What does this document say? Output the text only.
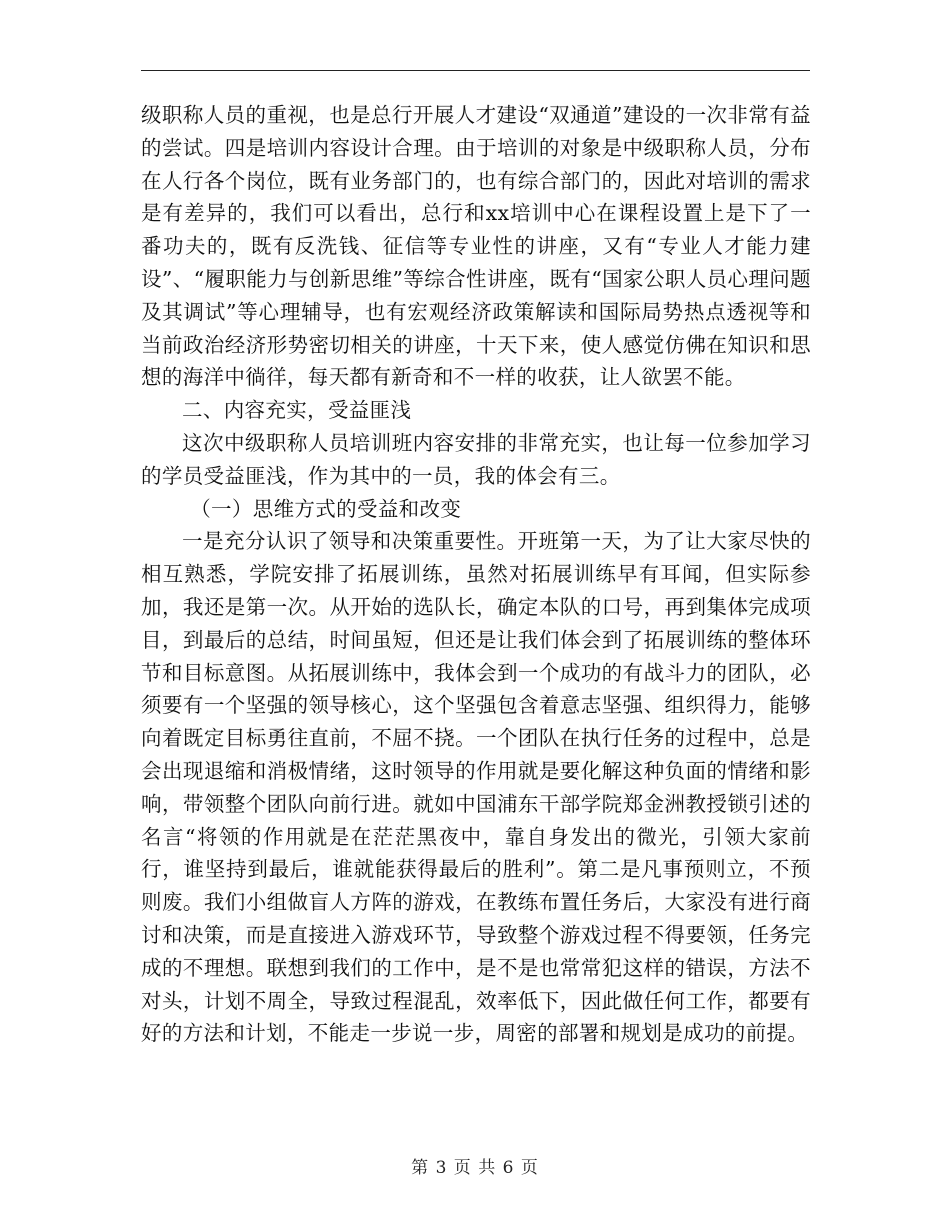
级职称人员的重视，也是总行开展人才建设“双通道”建设的一次非常有益的尝试。四是培训内容设计合理。由于培训的对象是中级职称人员，分布在人行各个岗位，既有业务部门的，也有综合部门的，因此对培训的需求是有差异的，我们可以看出，总行和xx培训中心在课程设置上是下了一番功夫的，既有反洗钱、征信等专业性的讲座，又有“专业人才能力建设”、“履职能力与创新思维”等综合性讲座，既有“国家公职人员心理问题及其调试”等心理辅导，也有宏观经济政策解读和国际局势热点透视等和当前政治经济形势密切相关的讲座，十天下来，使人感觉仿佛在知识和思想的海洋中徜徉，每天都有新奇和不一样的收获，让人欲罢不能。

二、内容充实，受益匪浅

这次中级职称人员培训班内容安排的非常充实，也让每一位参加学习的学员受益匪浅，作为其中的一员，我的体会有三。

（一）思维方式的受益和改变

一是充分认识了领导和决策重要性。开班第一天，为了让大家尽快的相互熟悉，学院安排了拓展训练，虽然对拓展训练早有耳闻，但实际参加，我还是第一次。从开始的选队长，确定本队的口号，再到集体完成项目，到最后的总结，时间虽短，但还是让我们体会到了拓展训练的整体环节和目标意图。从拓展训练中，我体会到一个成功的有战斗力的团队，必须要有一个坚强的领导核心，这个坚强包含着意志坚强、组织得力，能够向着既定目标勇往直前，不屈不挠。一个团队在执行任务的过程中，总是会出现退缩和消极情绪，这时领导的作用就是要化解这种负面的情绪和影响，带领整个团队向前行进。就如中国浦东干部学院郑金洲教授锁引述的名言“将领的作用就是在茫茫黑夜中，靠自身发出的微光，引领大家前行，谁坚持到最后，谁就能获得最后的胜利”。第二是凡事预则立，不预则废。我们小组做盲人方阵的游戏，在教练布置任务后，大家没有进行商讨和决策，而是直接进入游戏环节，导致整个游戏过程不得要领，任务完成的不理想。联想到我们的工作中，是不是也常常犯这样的错误，方法不对头，计划不周全，导致过程混乱，效率低下，因此做任何工作，都要有好的方法和计划，不能走一步说一步，周密的部署和规划是成功的前提。

第 3 页 共 6 页
